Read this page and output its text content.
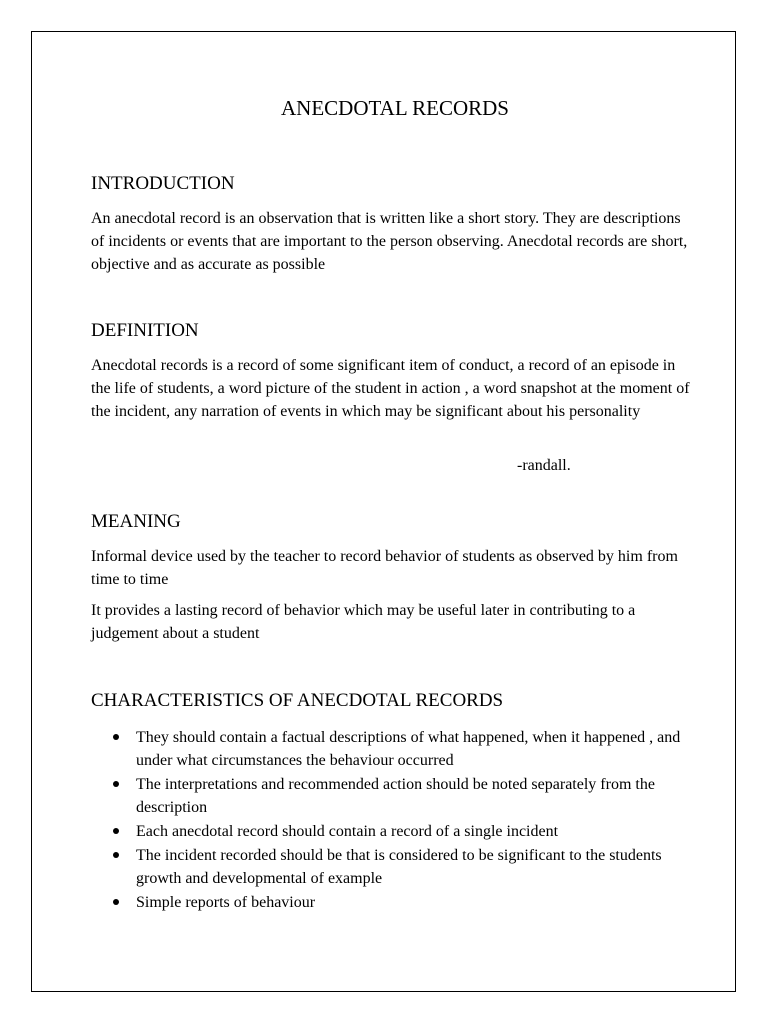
ANECDOTAL RECORDS
INTRODUCTION
An anecdotal record is an observation that is written like a short story. They are descriptions of incidents or events that are important to the person observing. Anecdotal records are short, objective and as accurate as possible
DEFINITION
Anecdotal records is a record of some significant item of conduct, a record of an episode in the life of students, a word picture of the student in action , a word snapshot at the moment of the incident, any narration of events in which may be significant about his personality
-randall.
MEANING
Informal device used by the teacher to record behavior of students as observed by him from time to time
It provides a lasting record of behavior which may be useful later in contributing to a judgement about a student
CHARACTERISTICS OF ANECDOTAL RECORDS
They should contain a factual descriptions of what happened, when it happened , and under what circumstances the behaviour occurred
The interpretations and recommended action should be noted separately from the description
Each anecdotal record should contain a record of a single incident
The incident recorded should be that is considered to be significant to the students growth and developmental of example
Simple reports of behaviour
